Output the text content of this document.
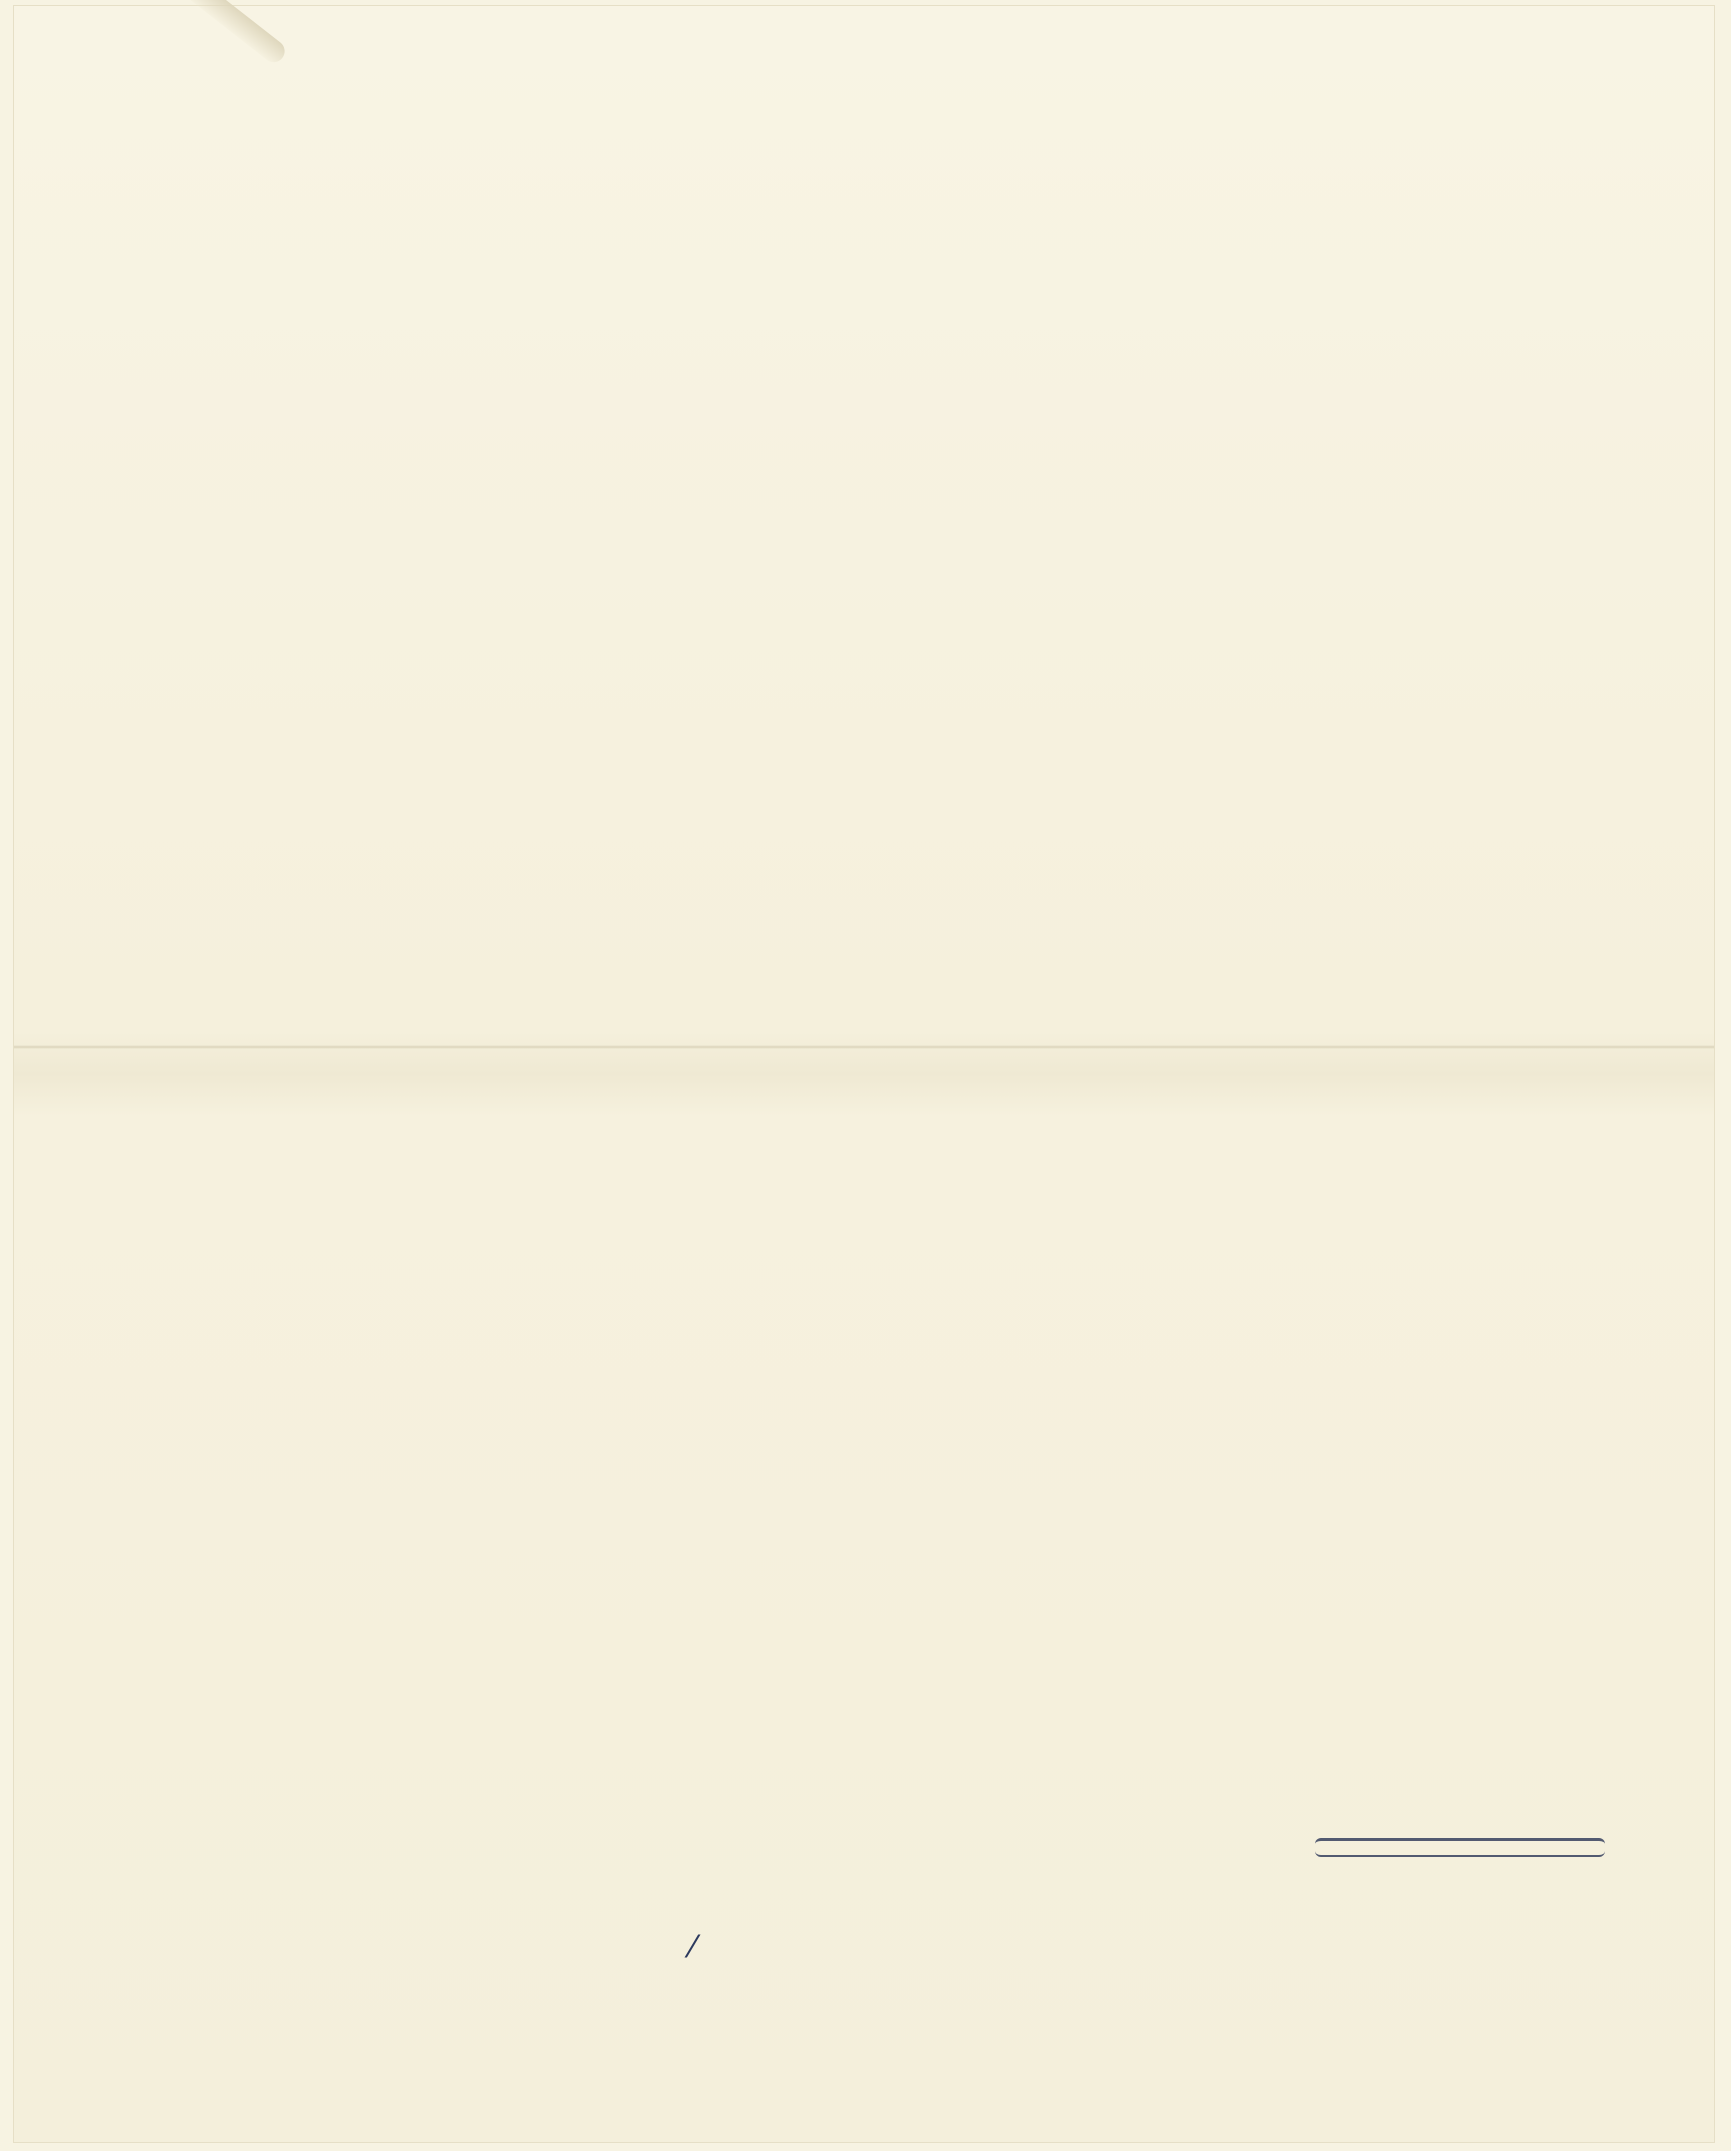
⁄
